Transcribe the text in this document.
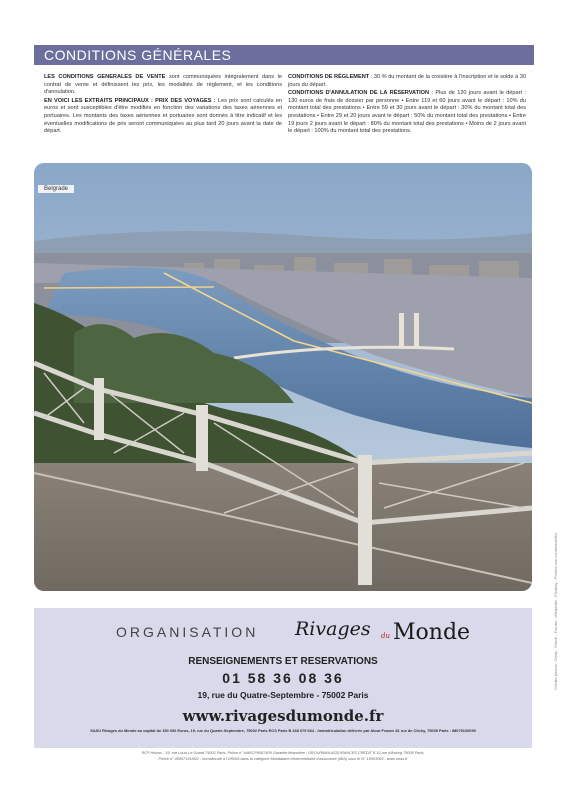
CONDITIONS GÉNÉRALES

LES CONDITIONS GENERALES DE VENTE sont communiquées intégralement dans le contrat de vente et définissent les prix, les modalités de règlement, et les conditions d'annulation.

EN VOICI LES EXTRAITS PRINCIPAUX : PRIX DES VOYAGES : Les prix sont calculés en euros et sont susceptibles d'être modifiés en fonction des variations des taxes aériennes et portuaires. Les montants des taxes aériennes et portuaires sont donnés à titre indicatif et les éventuelles modifications de prix seront communiquées au plus tard 20 jours avant la date de départ.

CONDITIONS DE RÈGLEMENT : 30 % du montant de la croisière à l'inscription et le solde à 30 jours du départ.

CONDITIONS D'ANNULATION DE LA RÉSERVATION : Plus de 120 jours avant le départ : 130 euros de frais de dossier par personne • Entre 119 et 60 jours avant le départ : 10% du montant total des prestations • Entre 59 et 30 jours avant le départ : 30% du montant total des prestations • Entre 29 et 20 jours avant le départ : 50% du montant total des prestations • Entre 19 jours 2 jours avant le départ : 80% du montant total des prestations • Moins de 2 jours avant le départ : 100% du montant total des prestations.

Belgrade
ORGANISATION Rivages du Monde
RENSEIGNEMENTS ET RESERVATIONS
01 58 36 08 36
19, rue du Quatre-Septembre - 75002 Paris
www.rivagesdumonde.fr
SASU Rivages du Monde au capital de 150 000 Euros, 19, rue du Quatre-Septembre, 75002 Paris RCS Paris B 438 679 664 - Immatriculation délivrée par Atout France 81 rue de Clichy, 75009 Paris : IM075100099
RCP Hiscox - 19, rue Louis Le Grand 75002 Paris, Police n° HARCP0087409 Garantie financière : GROUPAMA ASSURANCES CRÉDIT 8-10 rue d'Astorg 75008 Paris,
Police n° 4000713165/2 - Immatriculé à l'ORIAS dans la catégorie Mandataire d'intermédiaire d'assurance (MIA) sous le N° 19003053 - www.orias.fr
Crédits photos : Getty - iStock - Fotolia - Wikipedia - Pixabay - Photos non contractuelles
